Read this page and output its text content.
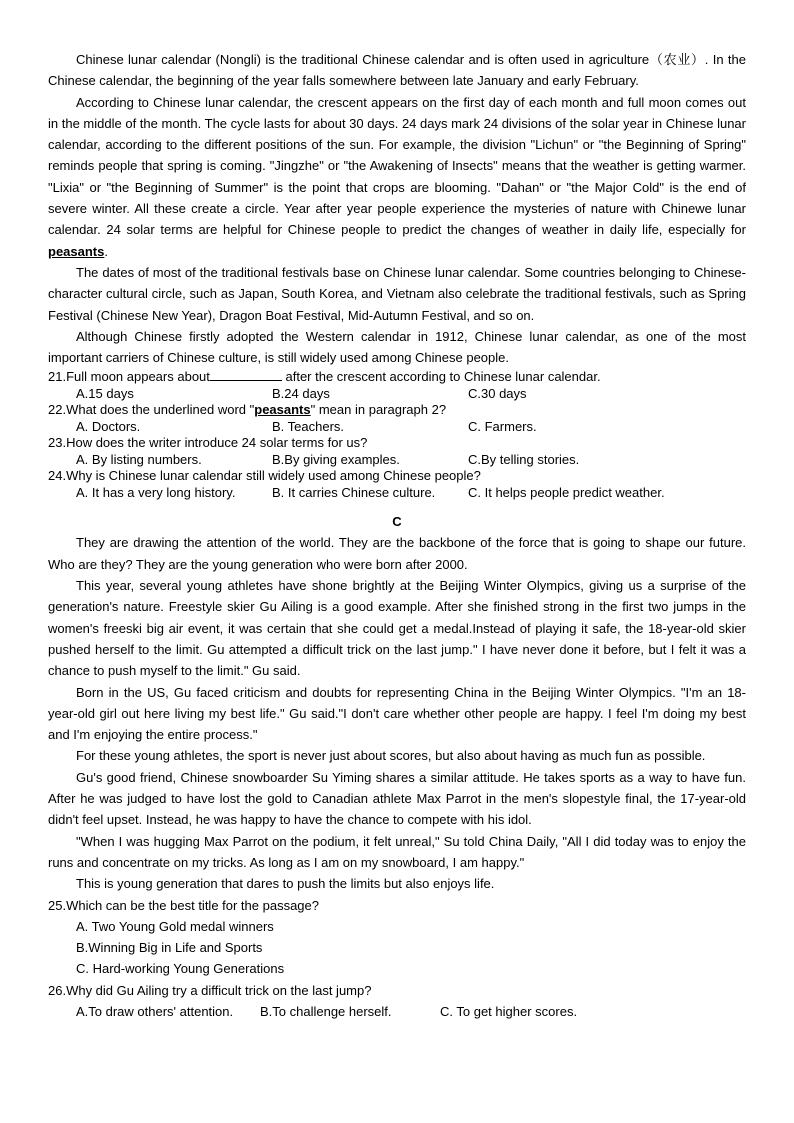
Chinese lunar calendar (Nongli) is the traditional Chinese calendar and is often used in agriculture（农业）. In the Chinese calendar, the beginning of the year falls somewhere between late January and early February.

According to Chinese lunar calendar, the crescent appears on the first day of each month and full moon comes out in the middle of the month. The cycle lasts for about 30 days. 24 days mark 24 divisions of the solar year in Chinese lunar calendar, according to the different positions of the sun. For example, the division "Lichun" or "the Beginning of Spring" reminds people that spring is coming. "Jingzhe" or "the Awakening of Insects" means that the weather is getting warmer. "Lixia" or "the Beginning of Summer" is the point that crops are blooming. "Dahan" or "the Major Cold" is the end of severe winter. All these create a circle. Year after year people experience the mysteries of nature with Chinewe lunar calendar. 24 solar terms are helpful for Chinese people to predict the changes of weather in daily life, especially for peasants.

The dates of most of the traditional festivals base on Chinese lunar calendar. Some countries belonging to Chinese-character cultural circle, such as Japan, South Korea, and Vietnam also celebrate the traditional festivals, such as Spring Festival (Chinese New Year), Dragon Boat Festival, Mid-Autumn Festival, and so on.

Although Chinese firstly adopted the Western calendar in 1912, Chinese lunar calendar, as one of the most important carriers of Chinese culture, is still widely used among Chinese people.

21.Full moon appears about	after the crescent according to Chinese lunar calendar.

A.15 days	B.24 days	C.30 days

22.What does the underlined word "peasants" mean in paragraph 2?

A. Doctors.	B. Teachers.	C. Farmers.

23.How does the writer introduce 24 solar terms for us?

A. By listing numbers.	B.By giving examples.	C.By telling stories.

24.Why is Chinese lunar calendar still widely used among Chinese people?

A. It has a very long history.	B. It carries Chinese culture.	C. It helps people predict weather.

C

They are drawing the attention of the world. They are the backbone of the force that is going to shape our future. Who are they? They are the young generation who were born after 2000.

This year, several young athletes have shone brightly at the Beijing Winter Olympics, giving us a surprise of the generation's nature. Freestyle skier Gu Ailing is a good example. After she finished strong in the first two jumps in the women's freeski big air event, it was certain that she could get a medal.Instead of playing it safe, the 18-year-old skier pushed herself to the limit. Gu attempted a difficult trick on the last jump." I have never done it before, but I felt it was a chance to push myself to the limit." Gu said.

Born in the US, Gu faced criticism and doubts for representing China in the Beijing Winter Olympics. "I'm an 18-year-old girl out here living my best life." Gu said."I don't care whether other people are happy. I feel I'm doing my best and I'm enjoying the entire process."

For these young athletes, the sport is never just about scores, but also about having as much fun as possible.

Gu's good friend, Chinese snowboarder Su Yiming shares a similar attitude. He takes sports as a way to have fun. After he was judged to have lost the gold to Canadian athlete Max Parrot in the men's slopestyle final, the 17-year-old didn't feel upset. Instead, he was happy to have the chance to compete with his idol.

"When I was hugging Max Parrot on the podium, it felt unreal," Su told China Daily, "All I did today was to enjoy the runs and concentrate on my tricks. As long as I am on my snowboard, I am happy."

This is young generation that dares to push the limits but also enjoys life.

25.Which can be the best title for the passage?

A. Two Young Gold medal winners

B.Winning Big in Life and Sports

C. Hard-working Young Generations

26.Why did Gu Ailing try a difficult trick on the last jump?

A.To draw others' attention.	B.To challenge herself.	C. To get higher scores.
